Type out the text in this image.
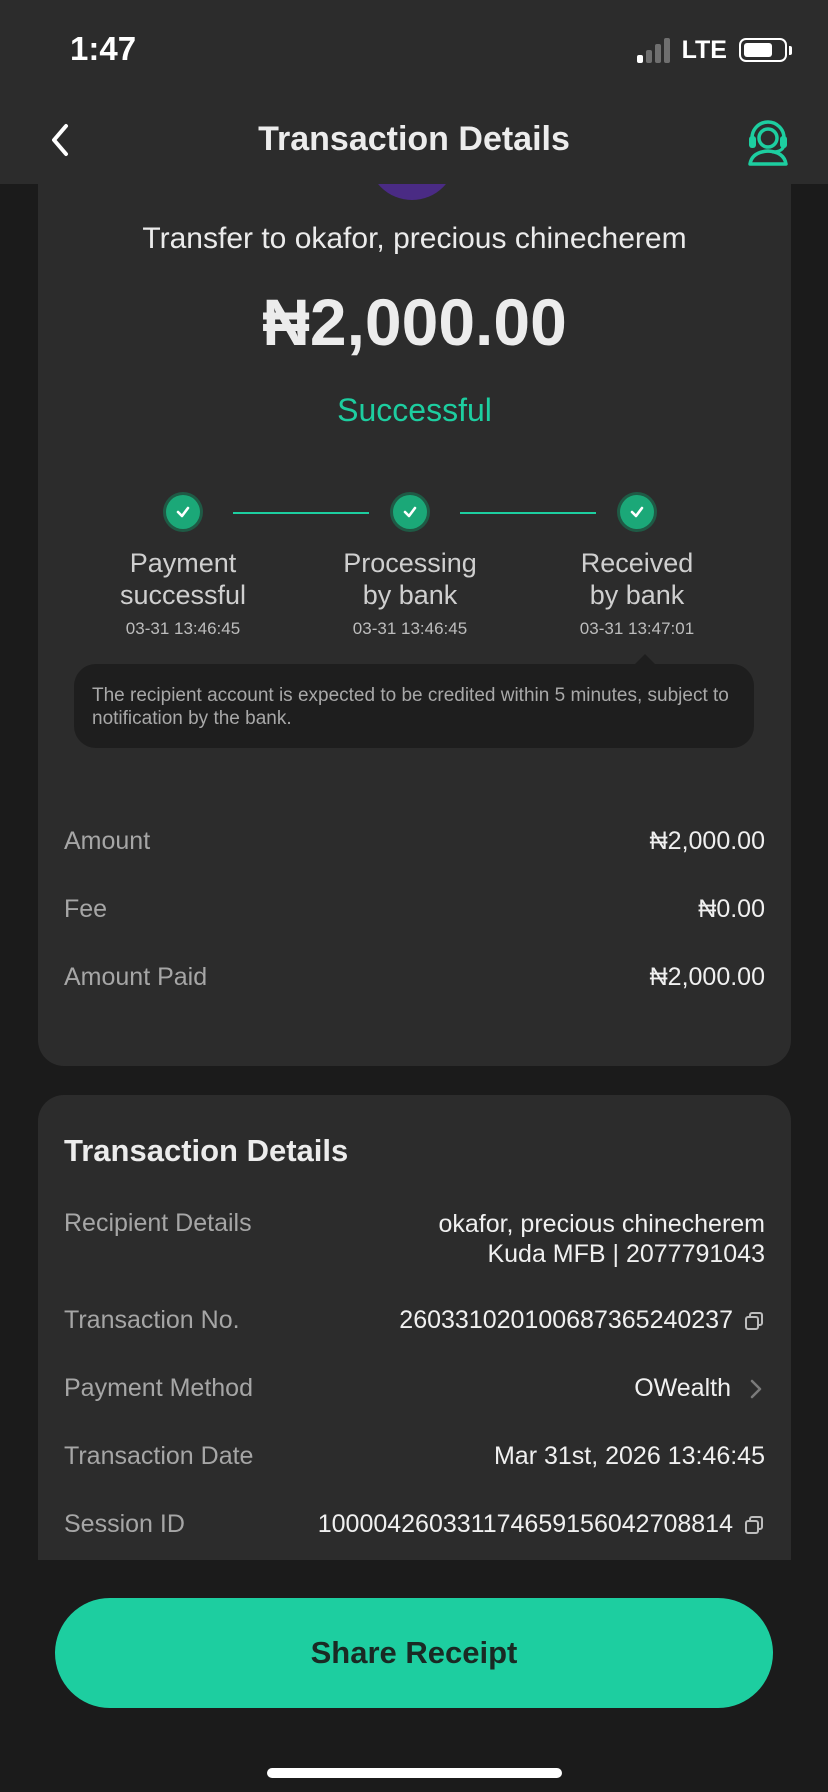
1:47	LTE
Transaction Details
Transfer to okafor, precious chinecherem
₦2,000.00
Successful
Payment
successful
03-31 13:46:45
Processing
by bank
03-31 13:46:45
Received
by bank
03-31 13:47:01
The recipient account is expected to be credited within 5 minutes, subject to notification by the bank.
Amount	₦2,000.00
Fee	₦0.00
Amount Paid	₦2,000.00
Transaction Details
Recipient Details	okafor, precious chinecherem
Kuda MFB | 2077791043
Transaction No.	260331020100687365240237
Payment Method	OWealth
Transaction Date	Mar 31st, 2026 13:46:45
Session ID	100004260331174659156042708814
Share Receipt
